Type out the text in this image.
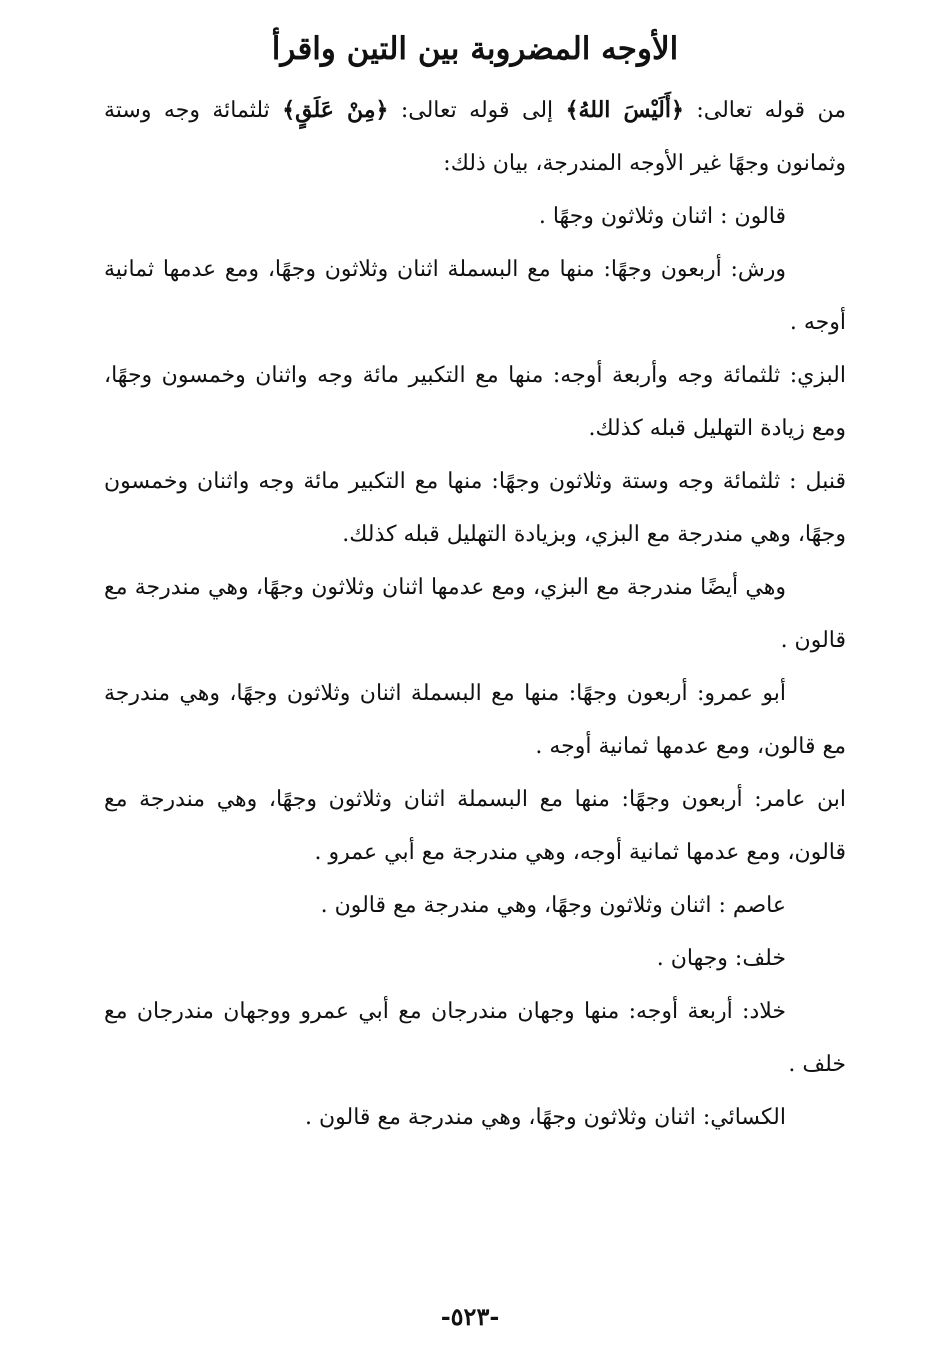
الأوجه المضروبة بين التين واقرأ

من قوله تعالى: ﴿أَلَيْسَ اللهُ﴾ إلى قوله تعالى: ﴿مِنْ عَلَقٍ﴾ ثلثمائة وجه وستة وثمانون وجهًا غير الأوجه المندرجة، بيان ذلك:

قالون : اثنان وثلاثون وجهًا .

ورش: أربعون وجهًا: منها مع البسملة اثنان وثلاثون وجهًا، ومع عدمها ثمانية أوجه .

البزي: ثلثمائة وجه وأربعة أوجه: منها مع التكبير مائة وجه واثنان وخمسون وجهًا، ومع زيادة التهليل قبله كذلك.

قنبل : ثلثمائة وجه وستة وثلاثون وجهًا: منها مع التكبير مائة وجه واثنان وخمسون وجهًا، وهي مندرجة مع البزي، وبزيادة التهليل قبله كذلك.

وهي أيضًا مندرجة مع البزي، ومع عدمها اثنان وثلاثون وجهًا، وهي مندرجة مع قالون .

أبو عمرو: أربعون وجهًا: منها مع البسملة اثنان وثلاثون وجهًا، وهي مندرجة مع قالون، ومع عدمها ثمانية أوجه .

ابن عامر: أربعون وجهًا: منها مع البسملة اثنان وثلاثون وجهًا، وهي مندرجة مع قالون، ومع عدمها ثمانية أوجه، وهي مندرجة مع أبي عمرو .

عاصم : اثنان وثلاثون وجهًا، وهي مندرجة مع قالون .

خلف: وجهان .

خلاد: أربعة أوجه: منها وجهان مندرجان مع أبي عمرو ووجهان مندرجان مع خلف .

الكسائي: اثنان وثلاثون وجهًا، وهي مندرجة مع قالون .

-٥٢٣-
